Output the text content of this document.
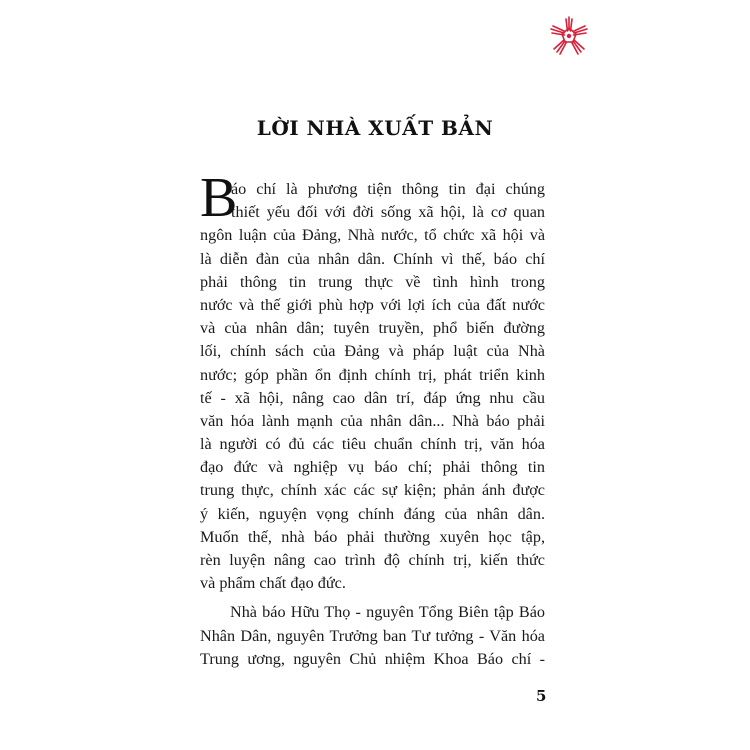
LỜI NHÀ XUẤT BẢN
B
áo chí là phương tiện thông tin đại chúng
thiết yếu đối với đời sống xã hội, là cơ quan
ngôn luận của Đảng, Nhà nước, tổ chức xã hội và
là diễn đàn của nhân dân. Chính vì thế, báo chí
phải thông tin trung thực về tình hình trong
nước và thế giới phù hợp với lợi ích của đất nước
và của nhân dân; tuyên truyền, phổ biến đường
lối, chính sách của Đảng và pháp luật của Nhà
nước; góp phần ổn định chính trị, phát triển kinh
tế - xã hội, nâng cao dân trí, đáp ứng nhu cầu
văn hóa lành mạnh của nhân dân... Nhà báo phải
là người có đủ các tiêu chuẩn chính trị, văn hóa
đạo đức và nghiệp vụ báo chí; phải thông tin
trung thực, chính xác các sự kiện; phản ánh được
ý kiến, nguyện vọng chính đáng của nhân dân.
Muốn thế, nhà báo phải thường xuyên học tập,
rèn luyện nâng cao trình độ chính trị, kiến thức
và phẩm chất đạo đức.
Nhà báo Hữu Thọ - nguyên Tổng Biên tập Báo
Nhân Dân, nguyên Trưởng ban Tư tưởng - Văn hóa
Trung ương, nguyên Chủ nhiệm Khoa Báo chí -
5
